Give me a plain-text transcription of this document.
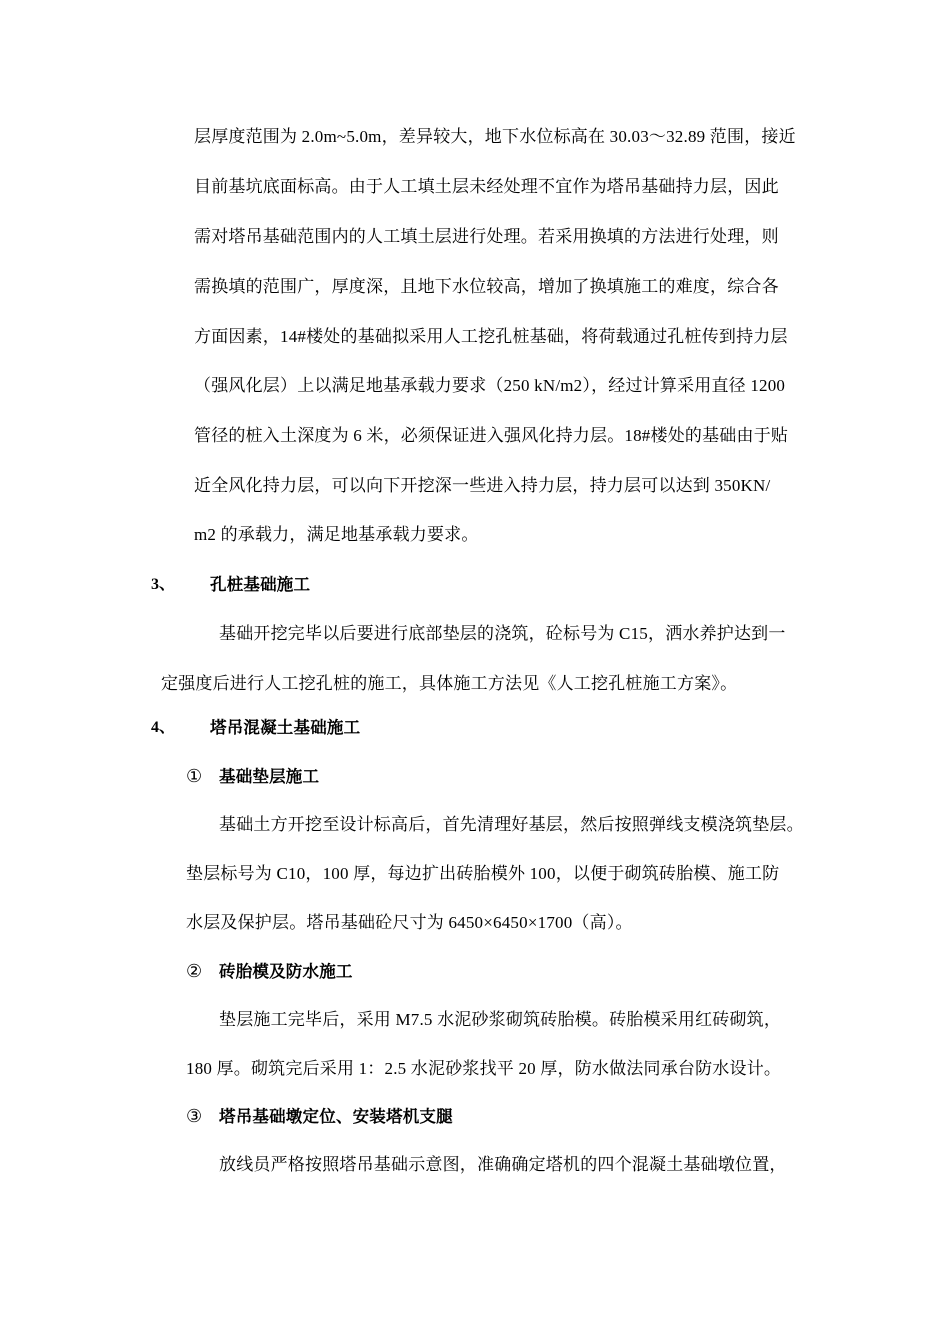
层厚度范围为 2.0m~5.0m，差异较大，地下水位标高在 30.03～32.89 范围，接近
目前基坑底面标高。由于人工填土层未经处理不宜作为塔吊基础持力层，因此
需对塔吊基础范围内的人工填土层进行处理。若采用换填的方法进行处理，则
需换填的范围广，厚度深，且地下水位较高，增加了换填施工的难度，综合各
方面因素，14#楼处的基础拟采用人工挖孔桩基础，将荷载通过孔桩传到持力层
（强风化层）上以满足地基承载力要求（250 kN/m2），经过计算采用直径 1200
管径的桩入土深度为 6 米，必须保证进入强风化持力层。18#楼处的基础由于贴
近全风化持力层，可以向下开挖深一些进入持力层，持力层可以达到 350KN/
m2 的承载力，满足地基承载力要求。
3、 孔桩基础施工
基础开挖完毕以后要进行底部垫层的浇筑，砼标号为 C15，洒水养护达到一
定强度后进行人工挖孔桩的施工，具体施工方法见《人工挖孔桩施工方案》。
4、 塔吊混凝土基础施工
① 基础垫层施工
基础土方开挖至设计标高后，首先清理好基层，然后按照弹线支模浇筑垫层。
垫层标号为 C10，100 厚，每边扩出砖胎模外 100，以便于砌筑砖胎模、施工防
水层及保护层。塔吊基础砼尺寸为 6450×6450×1700（高）。
② 砖胎模及防水施工
垫层施工完毕后，采用 M7.5 水泥砂浆砌筑砖胎模。砖胎模采用红砖砌筑，
180 厚。砌筑完后采用 1：2.5 水泥砂浆找平 20 厚，防水做法同承台防水设计。
③ 塔吊基础墩定位、安装塔机支腿
放线员严格按照塔吊基础示意图，准确确定塔机的四个混凝土基础墩位置，
